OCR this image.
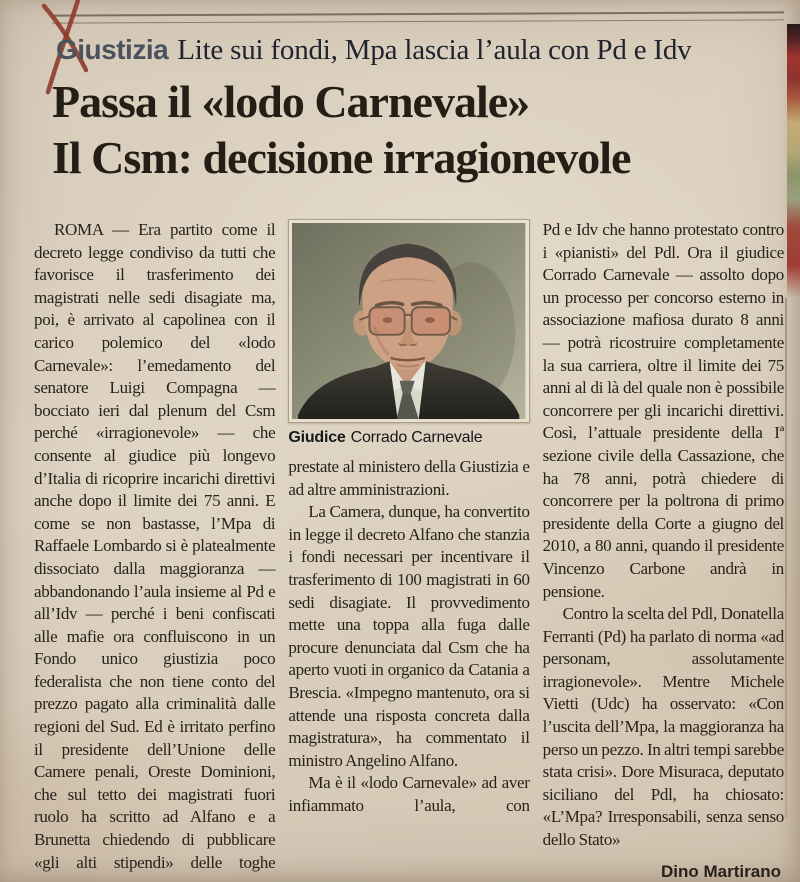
Giustizia Lite sui fondi, Mpa lascia l’aula con Pd e Idv
Passa il «lodo Carnevale»
Il Csm: decisione irragionevole

ROMA — Era partito come il decreto legge condiviso da tutti che favorisce il trasferimento dei magistrati nelle sedi disagiate ma, poi, è arrivato al capolinea con il carico polemico del «lodo Carnevale»: l’emedamento del senatore Luigi Compagna — bocciato ieri dal plenum del Csm perché «irragionevole» — che consente al giudice più longevo d’Italia di ricoprire incarichi direttivi anche dopo il limite dei 75 anni. E come se non bastasse, l’Mpa di Raffaele Lombardo si è platealmente dissociato dalla maggioranza — abbandonando l’aula insieme al Pd e all’Idv — perché i beni confiscati alle mafie ora confluiscono in un Fondo unico giustizia poco federalista che non tiene conto del prezzo pagato alla criminalità dalle regioni del Sud. Ed è irritato perfino il presidente dell’Unione delle Camere penali, Oreste Dominioni, che sul tetto dei magistrati fuori ruolo ha scritto ad Alfano e a Brunetta chiedendo di pubblicare «gli alti stipendi» delle toghe

Giudice Corrado Carnevale

prestate al ministero della Giustizia e ad altre amministrazioni.

La Camera, dunque, ha convertito in legge il decreto Alfano che stanzia i fondi necessari per incentivare il trasferimento di 100 magistrati in 60 sedi disagiate. Il provvedimento mette una toppa alla fuga dalle procure denunciata dal Csm che ha aperto vuoti in organico da Catania a Brescia. «Impegno mantenuto, ora si attende una risposta concreta dalla magistratura», ha commentato il ministro Angelino Alfano.

Ma è il «lodo Carnevale» ad aver infiammato l’aula, con

Pd e Idv che hanno protestato contro i «pianisti» del Pdl. Ora il giudice Corrado Carnevale — assolto dopo un processo per concorso esterno in associazione mafiosa durato 8 anni — potrà ricostruire completamente la sua carriera, oltre il limite dei 75 anni al di là del quale non è possibile concorrere per gli incarichi direttivi. Così, l’attuale presidente della Iª sezione civile della Cassazione, che ha 78 anni, potrà chiedere di concorrere per la poltrona di primo presidente della Corte a giugno del 2010, a 80 anni, quando il presidente Vincenzo Carbone andrà in pensione.

Contro la scelta del Pdl, Donatella Ferranti (Pd) ha parlato di norma «ad personam, assolutamente irragionevole». Mentre Michele Vietti (Udc) ha osservato: «Con l’uscita dell’Mpa, la maggioranza ha perso un pezzo. In altri tempi sarebbe stata crisi». Dore Misuraca, deputato siciliano del Pdl, ha chiosato: «L’Mpa? Irresponsabili, senza senso dello Stato»

Dino Martirano
